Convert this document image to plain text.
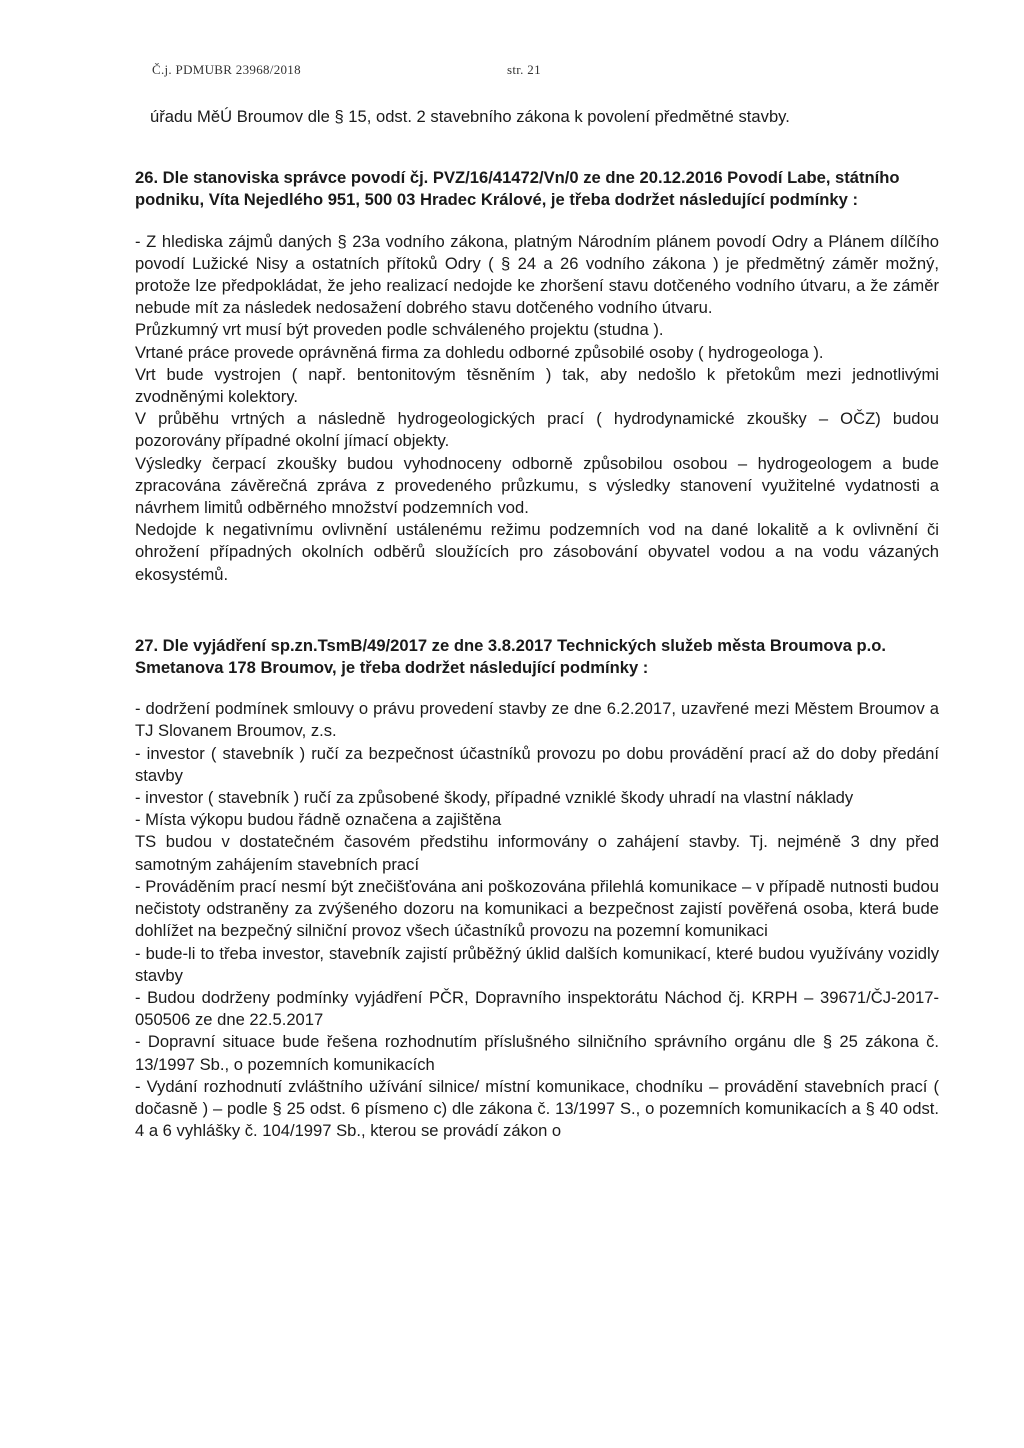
Č.j. PDMUBR 23968/2018	str. 21

úřadu MěÚ Broumov dle § 15, odst. 2 stavebního zákona k povolení předmětné stavby.

26. Dle stanoviska správce povodí čj. PVZ/16/41472/Vn/0 ze dne 20.12.2016 Povodí Labe, státního podniku, Víta Nejedlého 951, 500 03 Hradec Králové, je třeba dodržet následující podmínky :

- Z hlediska zájmů daných § 23a vodního zákona, platným Národním plánem povodí Odry a Plánem dílčího povodí Lužické Nisy a ostatních přítoků Odry ( § 24 a 26 vodního zákona ) je předmětný záměr možný, protože lze předpokládat, že jeho realizací nedojde ke zhoršení stavu dotčeného vodního útvaru, a že záměr nebude mít za následek nedosažení dobrého stavu dotčeného vodního útvaru.

Průzkumný vrt musí být proveden podle schváleného projektu (studna ).

Vrtané práce provede oprávněná firma za dohledu odborné způsobilé osoby ( hydrogeologa ).

Vrt bude vystrojen ( např. bentonitovým těsněním ) tak, aby nedošlo k přetokům mezi jednotlivými zvodněnými kolektory.

V průběhu vrtných a následně hydrogeologických prací ( hydrodynamické zkoušky – OČZ) budou pozorovány případné okolní jímací objekty.

Výsledky čerpací zkoušky budou vyhodnoceny odborně způsobilou osobou – hydrogeologem a bude zpracována závěrečná zpráva z provedeného průzkumu, s výsledky stanovení využitelné vydatnosti a návrhem limitů odběrného množství podzemních vod.

Nedojde k negativnímu ovlivnění ustálenému režimu podzemních vod na dané lokalitě a k ovlivnění či ohrožení případných okolních odběrů sloužících pro zásobování obyvatel vodou a na vodu vázaných ekosystémů.

27. Dle vyjádření sp.zn.TsmB/49/2017 ze dne 3.8.2017 Technických služeb města Broumova p.o. Smetanova 178 Broumov, je třeba dodržet následující podmínky :

- dodržení podmínek smlouvy o právu provedení stavby ze dne 6.2.2017, uzavřené mezi Městem Broumov a TJ Slovanem Broumov, z.s.

- investor ( stavebník ) ručí za bezpečnost účastníků provozu po dobu provádění prací až do doby předání stavby

- investor ( stavebník ) ručí za způsobené škody, případné vzniklé škody uhradí na vlastní náklady

- Místa výkopu budou řádně označena a zajištěna

TS budou v dostatečném časovém předstihu informovány o zahájení stavby. Tj. nejméně 3 dny před samotným zahájením stavebních prací

- Prováděním prací nesmí být znečišťována ani poškozována přilehlá komunikace – v případě nutnosti budou nečistoty odstraněny za zvýšeného dozoru na komunikaci a bezpečnost zajistí pověřená osoba, která bude dohlížet na bezpečný silniční provoz všech účastníků provozu na pozemní komunikaci

- bude-li to třeba investor, stavebník zajistí průběžný úklid dalších komunikací, které budou využívány vozidly stavby

- Budou dodrženy podmínky vyjádření PČR, Dopravního inspektorátu Náchod čj. KRPH – 39671/ČJ-2017-050506 ze dne 22.5.2017

- Dopravní situace bude řešena rozhodnutím příslušného silničního správního orgánu dle § 25 zákona č. 13/1997 Sb., o pozemních komunikacích

- Vydání rozhodnutí zvláštního užívání silnice/ místní komunikace, chodníku – provádění stavebních prací ( dočasně ) – podle § 25 odst. 6 písmeno c) dle zákona č. 13/1997 S., o pozemních komunikacích a § 40 odst. 4 a 6 vyhlášky č. 104/1997 Sb., kterou se provádí zákon o
